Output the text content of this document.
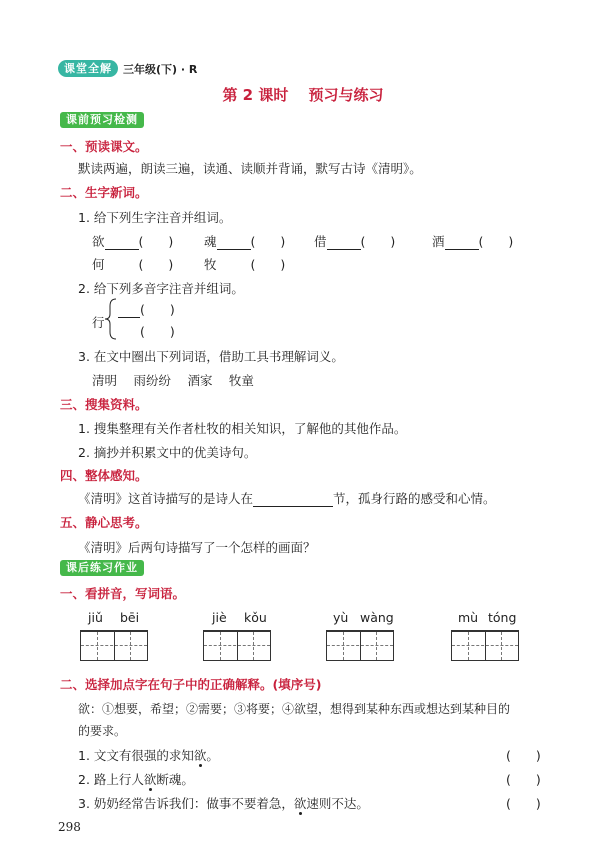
课堂全解	三年级(下) · R
第 2 课时　 预习与练习
课前预习检测
一、预读课文。
默读两遍，朗读三遍，读通、读顺并背诵，默写古诗《清明》。
二、生字新词。
1. 给下列生字注音并组词。
欲	(　　) 魂	(　　) 借	(　　)	酒	(　　)
何	(　　) 牧	(　　)
2. 给下列多音字注音并组词。
行
(　　)
(　　)
3. 在文中圈出下列词语，借助工具书理解词义。
清明　 雨纷纷　 酒家　 牧童
三、搜集资料。
1. 搜集整理有关作者杜牧的相关知识，了解他的其他作品。
2. 摘抄并积累文中的优美诗句。
四、整体感知。
《清明》这首诗描写的是诗人在	节，孤身行路的感受和心情。
五、静心思考。
《清明》后两句诗描写了一个怎样的画面？
课后练习作业
一、看拼音，写词语。
jiǔ bēi	jiè kǒu	yù wàng	mù tóng
二、选择加点字在句子中的正确解释。(填序号)
欲：①想要，希望；②需要；③将要；④欲望，想得到某种东西或想达到某种目的
的要求。
1. 文文有很强的求知欲。	(　　)
2. 路上行人欲断魂。	(　　)
3. 奶奶经常告诉我们：做事不要着急，欲速则不达。	(　　)
298
